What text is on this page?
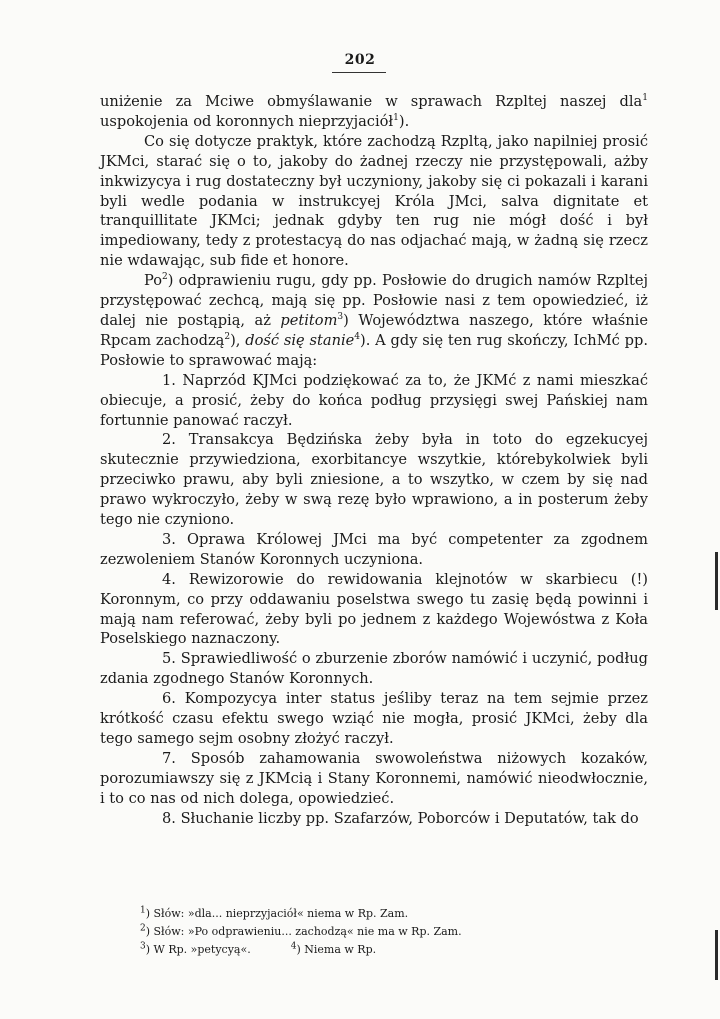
202

uniżenie za Mciwe obmyślawanie w sprawach Rzpltej naszej dla$^1$ uspokojenia od koronnych nieprzyjaciół$^1$).

Co się dotycze praktyk, które zachodzą Rzpltą, jako napilniej prosić JKMci, starać się o to, jakoby do żadnej rzeczy nie przystępowali, ażby inkwizycya i rug dostateczny był uczyniony, jakoby się ci pokazali i karani byli wedle podania w instrukcyej Króla JMci, salva dignitate et tranquillitate JKMci; jednak gdyby ten rug nie mógł dość i był impediowany, tedy z protestacyą do nas odjachać mają, w żadną się rzecz nie wdawając, sub fide et honore.

Po$^2$) odprawieniu rugu, gdy pp. Posłowie do drugich namów Rzpltej przystępować zechcą, mają się pp. Posłowie nasi z tem opowiedzieć, iż dalej nie postąpią, aż petitom$^3$) Województwa naszego, które właśnie Rpcam zachodzą$^2$), dość się stanie$^4$). A gdy się ten rug skończy, IchMć pp. Posłowie to sprawować mają:

1. Naprzód KJMci podziękować za to, że JKMć z nami mieszkać obiecuje, a prosić, żeby do końca podług przysięgi swej Pańskiej nam fortunnie panować raczył.

2. Transakcya Będzińska żeby była in toto do egzekucyej skutecznie przywiedziona, exorbitancye wszytkie, którebykolwiek byli przeciwko prawu, aby byli zniesione, a to wszytko, w czem by się nad prawo wykroczyło, żeby w swą rezę było wprawiono, a in posterum żeby tego nie czyniono.

3. Oprawa Królowej JMci ma być competenter za zgodnem zezwoleniem Stanów Koronnych uczyniona.

4. Rewizorowie do rewidowania klejnotów w skarbiecu (!) Koronnym, co przy oddawaniu poselstwa swego tu zasię będą powinni i mają nam referować, żeby byli po jednem z każdego Wojewóstwa z Koła Poselskiego naznaczony.

5. Sprawiedliwość o zburzenie zborów namówić i uczynić, podług zdania zgodnego Stanów Koronnych.

6. Kompozycya inter status jeśliby teraz na tem sejmie przez krótkość czasu efektu swego wziąć nie mogła, prosić JKMci, żeby dla tego samego sejm osobny złożyć raczył.

7. Sposób zahamowania swowoleństwa niżowych kozaków, porozumiawszy się z JKMcią i Stany Koronnemi, namówić nieodwłocznie, i to co nas od nich dolega, opowiedzieć.

8. Słuchanie liczby pp. Szafarzów, Poborców i Deputatów, tak do

$^1$) Słów: »dla... nieprzyjaciół« niema w Rp. Zam.

$^2$) Słów: »Po odprawieniu... zachodzą« nie ma w Rp. Zam.

$^3$) W Rp. »petycyą«.	$^4$) Niema w Rp.
